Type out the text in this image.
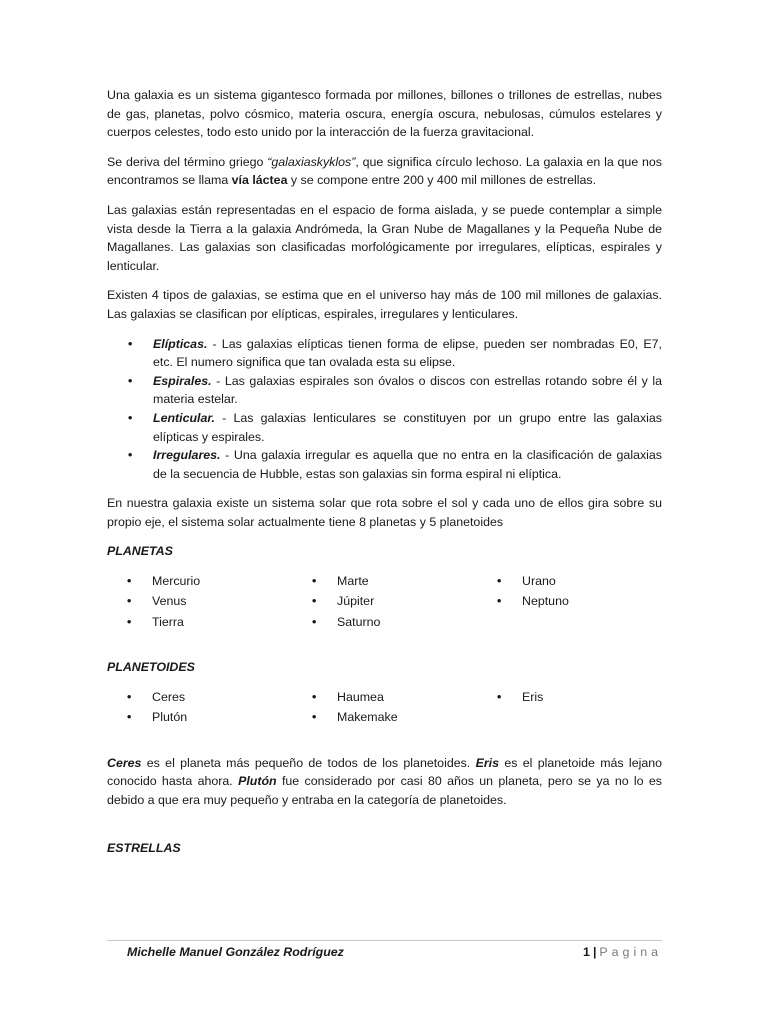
Una galaxia es un sistema gigantesco formada por millones, billones o trillones de estrellas, nubes de gas, planetas, polvo cósmico, materia oscura, energía oscura, nebulosas, cúmulos estelares y cuerpos celestes, todo esto unido por la interacción de la fuerza gravitacional.

Se deriva del término griego “galaxiaskyklos”, que significa círculo lechoso. La galaxia en la que nos encontramos se llama vía láctea y se compone entre 200 y 400 mil millones de estrellas.

Las galaxias están representadas en el espacio de forma aislada, y se puede contemplar a simple vista desde la Tierra a la galaxia Andrómeda, la Gran Nube de Magallanes y la Pequeña Nube de Magallanes. Las galaxias son clasificadas morfológicamente por irregulares, elípticas, espirales y lenticular.

Existen 4 tipos de galaxias, se estima que en el universo hay más de 100 mil millones de galaxias. Las galaxias se clasifican por elípticas, espirales, irregulares y lenticulares.

• Elípticas. - Las galaxias elípticas tienen forma de elipse, pueden ser nombradas E0, E7, etc. El numero significa que tan ovalada esta su elipse.
• Espirales. - Las galaxias espirales son óvalos o discos con estrellas rotando sobre él y la materia estelar.
• Lenticular. - Las galaxias lenticulares se constituyen por un grupo entre las galaxias elípticas y espirales.
• Irregulares. - Una galaxia irregular es aquella que no entra en la clasificación de galaxias de la secuencia de Hubble, estas son galaxias sin forma espiral ni elíptica.

En nuestra galaxia existe un sistema solar que rota sobre el sol y cada uno de ellos gira sobre su propio eje, el sistema solar actualmente tiene 8 planetas y 5 planetoides

PLANETAS
• Mercurio
• Venus
• Tierra
• Marte
• Júpiter
• Saturno
• Urano
• Neptuno
PLANETOIDES
• Ceres
• Plutón
• Haumea
• Makemake
• Eris

Ceres es el planeta más pequeño de todos de los planetoides. Eris es el planetoide más lejano conocido hasta ahora. Plutón fue considerado por casi 80 años un planeta, pero se ya no lo es debido a que era muy pequeño y entraba en la categoría de planetoides.

ESTRELLAS
Michelle Manuel González Rodríguez	1 | Pagina
